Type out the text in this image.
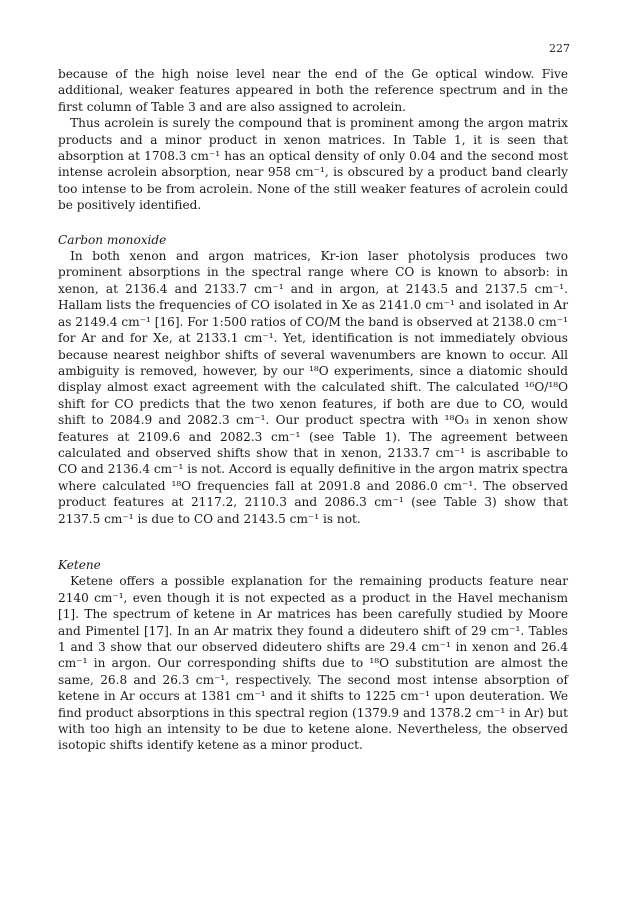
227

because of the high noise level near the end of the Ge optical window. Five additional, weaker features appeared in both the reference spectrum and in the first column of Table 3 and are also assigned to acrolein.

Thus acrolein is surely the compound that is prominent among the argon matrix products and a minor product in xenon matrices. In Table 1, it is seen that absorption at 1708.3 cm⁻¹ has an optical density of only 0.04 and the second most intense acrolein absorption, near 958 cm⁻¹, is obscured by a product band clearly too intense to be from acrolein. None of the still weaker features of acrolein could be positively identified.

Carbon monoxide

In both xenon and argon matrices, Kr-ion laser photolysis produces two prominent absorptions in the spectral range where CO is known to absorb: in xenon, at 2136.4 and 2133.7 cm⁻¹ and in argon, at 2143.5 and 2137.5 cm⁻¹. Hallam lists the frequencies of CO isolated in Xe as 2141.0 cm⁻¹ and isolated in Ar as 2149.4 cm⁻¹ [16]. For 1:500 ratios of CO/M the band is observed at 2138.0 cm⁻¹ for Ar and for Xe, at 2133.1 cm⁻¹. Yet, identification is not immediately obvious because nearest neighbor shifts of several wavenumbers are known to occur. All ambiguity is removed, however, by our ¹⁸O experiments, since a diatomic should display almost exact agreement with the calculated shift. The calculated ¹⁶O/¹⁸O shift for CO predicts that the two xenon features, if both are due to CO, would shift to 2084.9 and 2082.3 cm⁻¹. Our product spectra with ¹⁸O₃ in xenon show features at 2109.6 and 2082.3 cm⁻¹ (see Table 1). The agreement between calculated and observed shifts show that in xenon, 2133.7 cm⁻¹ is ascribable to CO and 2136.4 cm⁻¹ is not. Accord is equally definitive in the argon matrix spectra where calculated ¹⁸O frequencies fall at 2091.8 and 2086.0 cm⁻¹. The observed product features at 2117.2, 2110.3 and 2086.3 cm⁻¹ (see Table 3) show that 2137.5 cm⁻¹ is due to CO and 2143.5 cm⁻¹ is not.

Ketene

Ketene offers a possible explanation for the remaining products feature near 2140 cm⁻¹, even though it is not expected as a product in the Havel mechanism [1]. The spectrum of ketene in Ar matrices has been carefully studied by Moore and Pimentel [17]. In an Ar matrix they found a dideutero shift of 29 cm⁻¹. Tables 1 and 3 show that our observed dideutero shifts are 29.4 cm⁻¹ in xenon and 26.4 cm⁻¹ in argon. Our corresponding shifts due to ¹⁸O substitution are almost the same, 26.8 and 26.3 cm⁻¹, respectively. The second most intense absorption of ketene in Ar occurs at 1381 cm⁻¹ and it shifts to 1225 cm⁻¹ upon deuteration. We find product absorptions in this spectral region (1379.9 and 1378.2 cm⁻¹ in Ar) but with too high an intensity to be due to ketene alone. Nevertheless, the observed isotopic shifts identify ketene as a minor product.
